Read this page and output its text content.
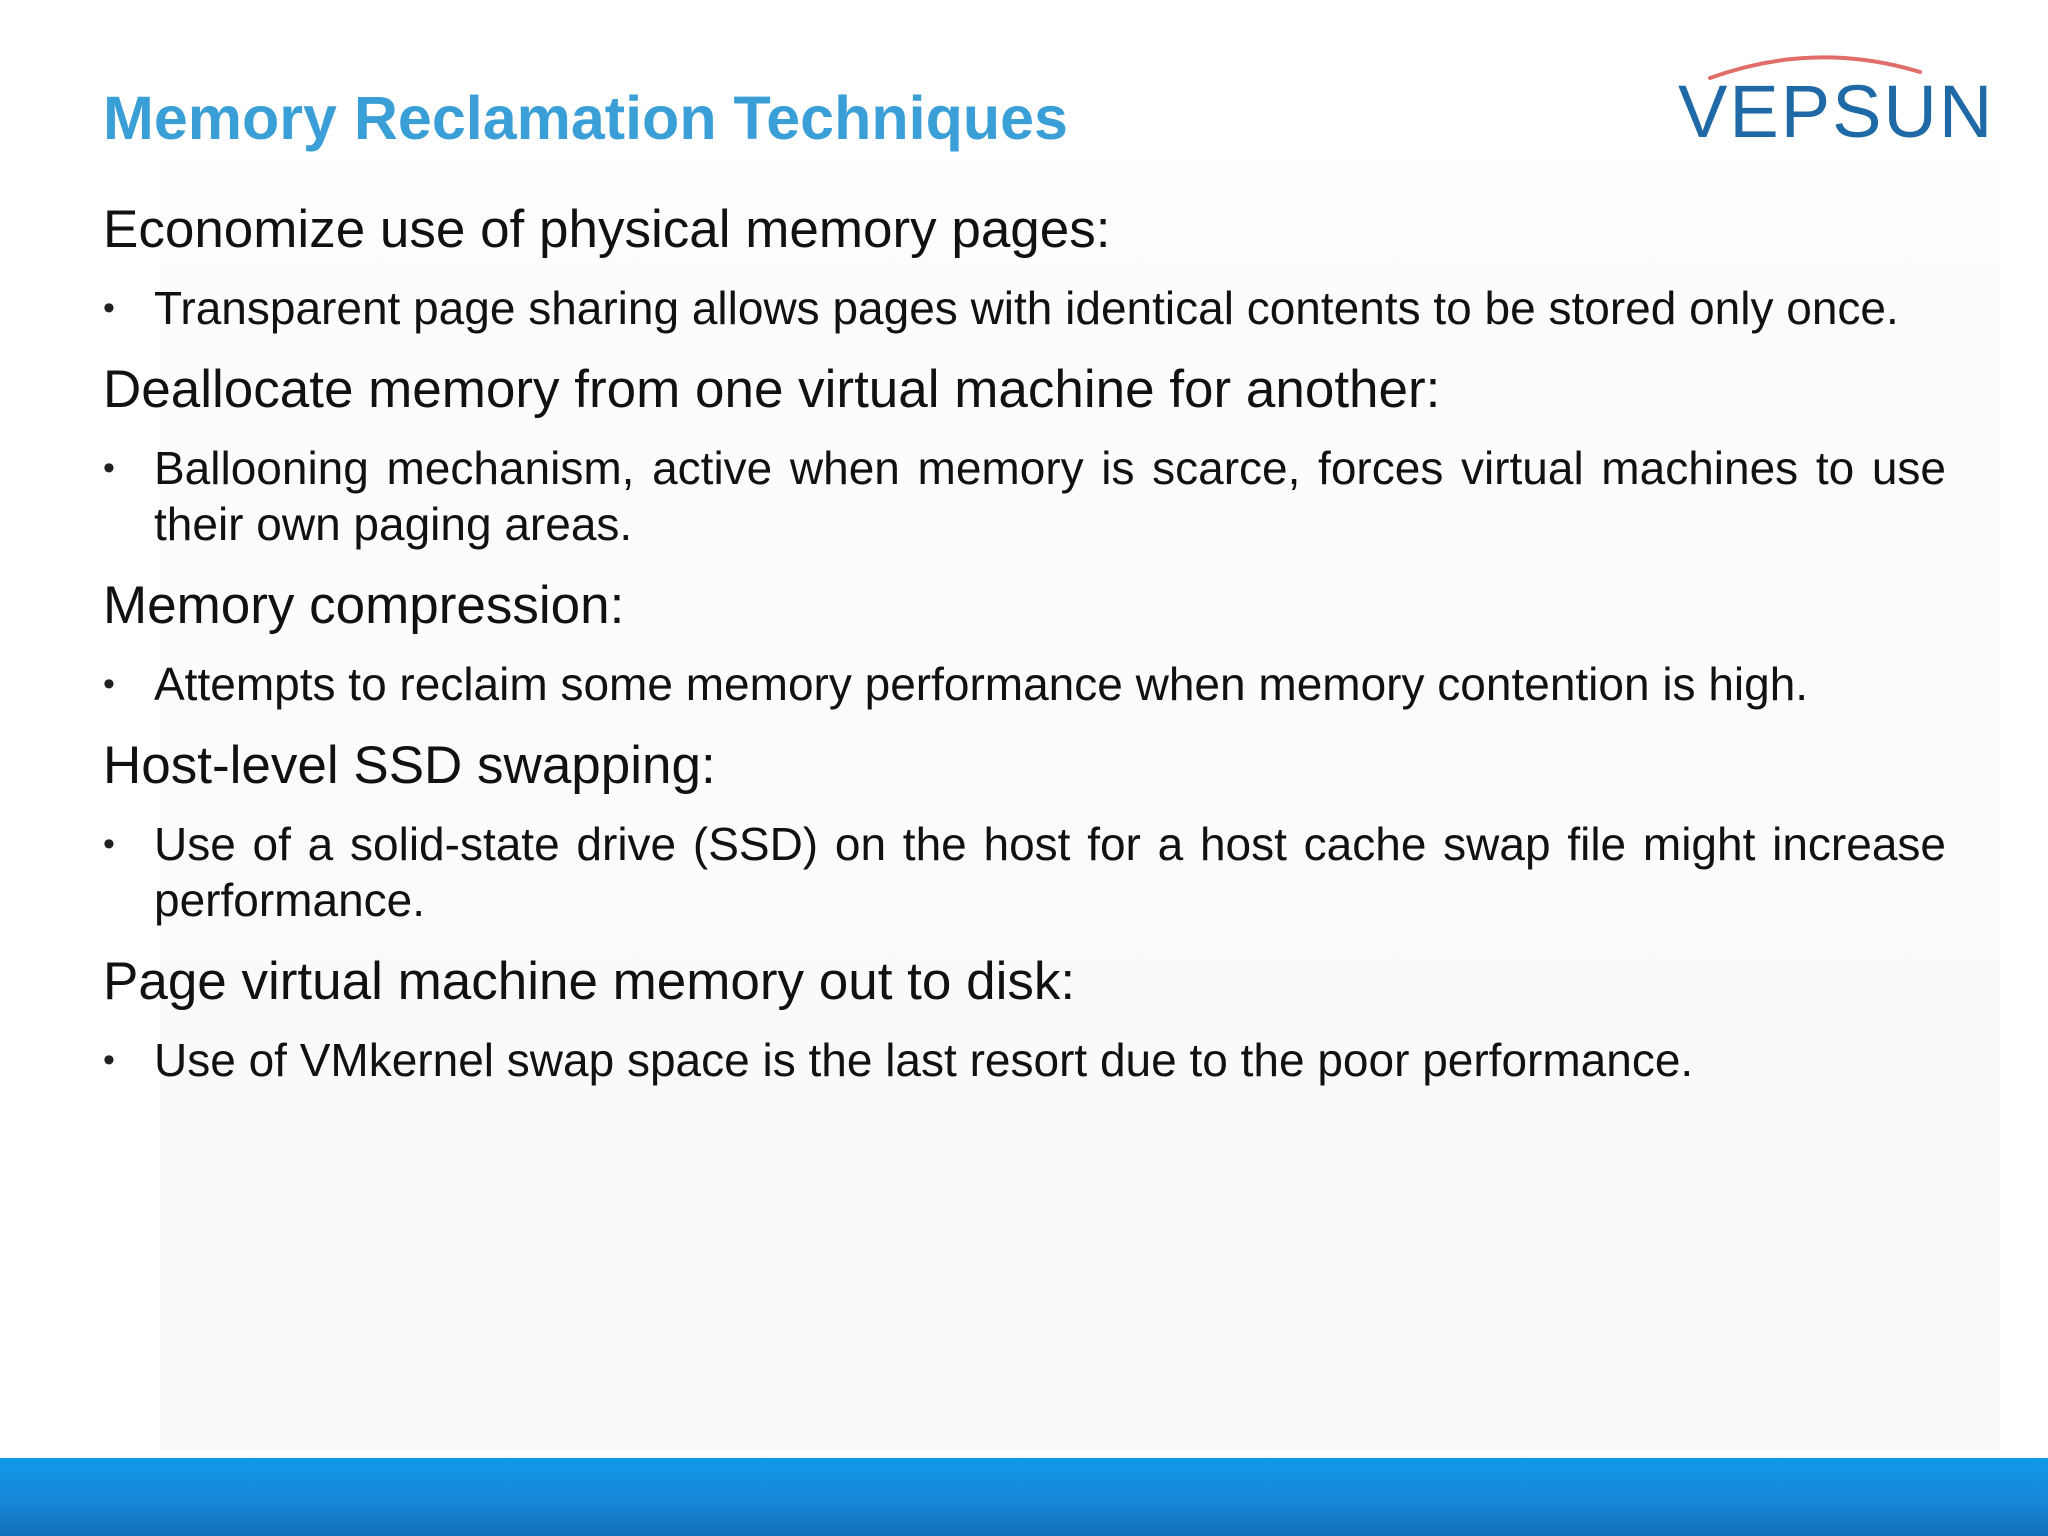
Memory Reclamation Techniques	VEPSUN

Economize use of physical memory pages:

• Transparent page sharing allows pages with identical contents to be stored only once.

Deallocate memory from one virtual machine for another:

• Ballooning mechanism, active when memory is scarce, forces virtual machines to use their own paging areas.

Memory compression:

• Attempts to reclaim some memory performance when memory contention is high.

Host-level SSD swapping:

• Use of a solid-state drive (SSD) on the host for a host cache swap file might increase performance.

Page virtual machine memory out to disk:

• Use of VMkernel swap space is the last resort due to the poor performance.
